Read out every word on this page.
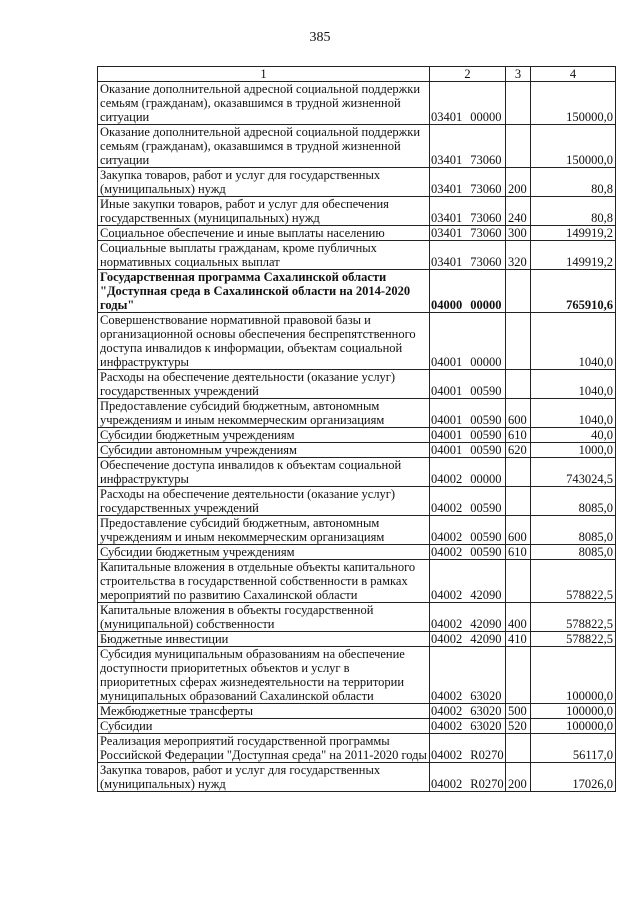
385
1	2	3	4
Оказание дополнительной адресной социальной поддержки семьям (гражданам), оказавшимся в трудной жизненной ситуации	03401 00000		150000,0
Оказание дополнительной адресной социальной поддержки семьям (гражданам), оказавшимся в трудной жизненной ситуации	03401 73060		150000,0
Закупка товаров, работ и услуг для государственных (муниципальных) нужд	03401 73060	200	80,8
Иные закупки товаров, работ и услуг для обеспечения государственных (муниципальных) нужд	03401 73060	240	80,8
Социальное обеспечение и иные выплаты населению	03401 73060	300	149919,2
Социальные выплаты гражданам, кроме публичных нормативных социальных выплат	03401 73060	320	149919,2
Государственная программа Сахалинской области "Доступная среда в Сахалинской области на 2014-2020 годы"	04000 00000		765910,6
Совершенствование нормативной правовой базы и организационной основы обеспечения беспрепятственного доступа инвалидов к информации, объектам социальной инфраструктуры	04001 00000		1040,0
Расходы на обеспечение деятельности (оказание услуг) государственных учреждений	04001 00590		1040,0
Предоставление субсидий бюджетным, автономным учреждениям и иным некоммерческим организациям	04001 00590	600	1040,0
Субсидии бюджетным учреждениям	04001 00590	610	40,0
Субсидии автономным учреждениям	04001 00590	620	1000,0
Обеспечение доступа инвалидов к объектам социальной инфраструктуры	04002 00000		743024,5
Расходы на обеспечение деятельности (оказание услуг) государственных учреждений	04002 00590		8085,0
Предоставление субсидий бюджетным, автономным учреждениям и иным некоммерческим организациям	04002 00590	600	8085,0
Субсидии бюджетным учреждениям	04002 00590	610	8085,0
Капитальные вложения в отдельные объекты капитального строительства в государственной собственности в рамках мероприятий по развитию Сахалинской области	04002 42090		578822,5
Капитальные вложения в объекты государственной (муниципальной) собственности	04002 42090	400	578822,5
Бюджетные инвестиции	04002 42090	410	578822,5
Субсидия муниципальным образованиям на обеспечение доступности приоритетных объектов и услуг в приоритетных сферах жизнедеятельности на территории муниципальных образований Сахалинской области	04002 63020		100000,0
Межбюджетные трансферты	04002 63020	500	100000,0
Субсидии	04002 63020	520	100000,0
Реализация мероприятий государственной программы Российской Федерации "Доступная среда" на 2011-2020 годы	04002 R0270		56117,0
Закупка товаров, работ и услуг для государственных (муниципальных) нужд	04002 R0270	200	17026,0
